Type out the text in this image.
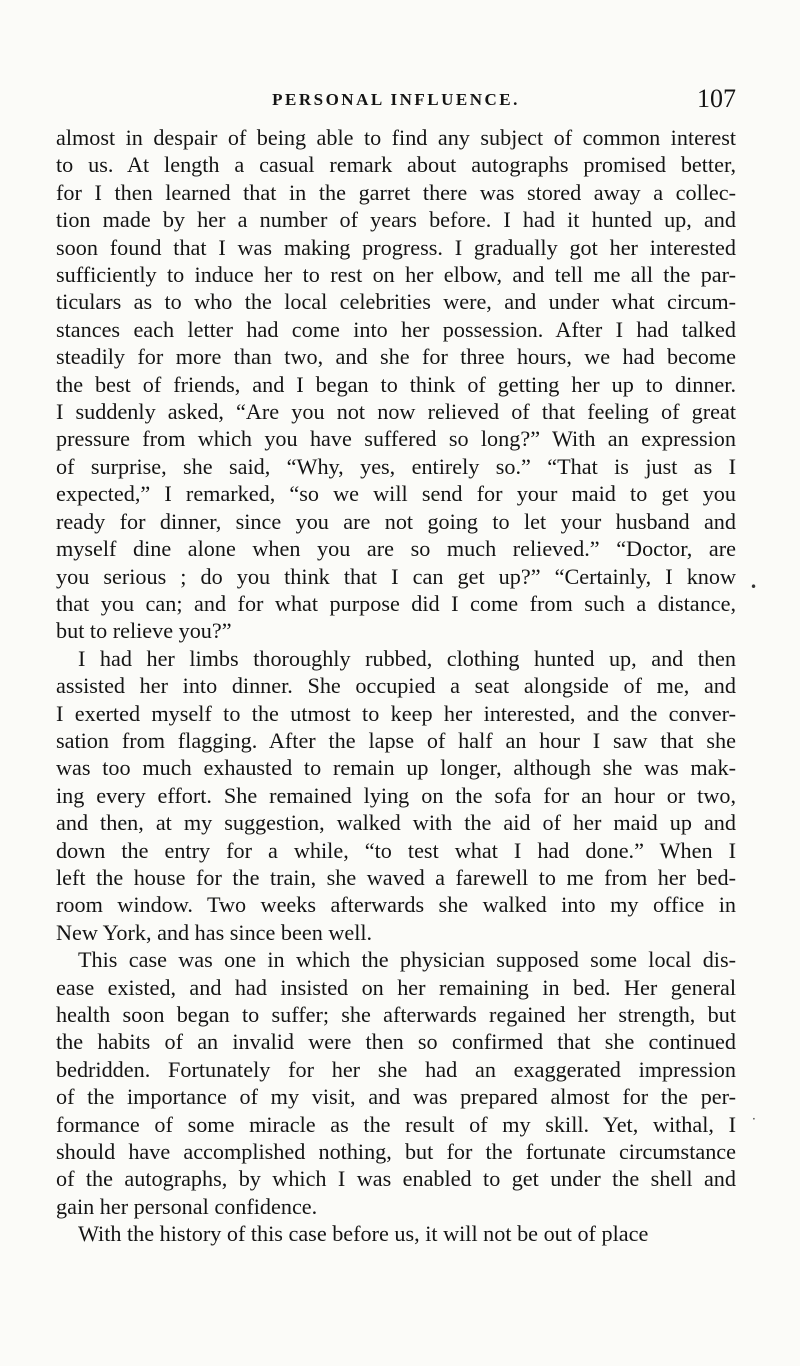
PERSONAL INFLUENCE.	107
almost in despair of being able to find any subject of common interest
to us. At length a casual remark about autographs promised better,
for I then learned that in the garret there was stored away a collec-
tion made by her a number of years before. I had it hunted up, and
soon found that I was making progress. I gradually got her interested
sufficiently to induce her to rest on her elbow, and tell me all the par-
ticulars as to who the local celebrities were, and under what circum-
stances each letter had come into her possession. After I had talked
steadily for more than two, and she for three hours, we had become
the best of friends, and I began to think of getting her up to dinner.
I suddenly asked, “Are you not now relieved of that feeling of great
pressure from which you have suffered so long?” With an expression
of surprise, she said, “Why, yes, entirely so.” “That is just as I
expected,” I remarked, “so we will send for your maid to get you
ready for dinner, since you are not going to let your husband and
myself dine alone when you are so much relieved.” “Doctor, are
you serious ; do you think that I can get up?” “Certainly, I know
that you can; and for what purpose did I come from such a distance,
but to relieve you?”
I had her limbs thoroughly rubbed, clothing hunted up, and then
assisted her into dinner. She occupied a seat alongside of me, and
I exerted myself to the utmost to keep her interested, and the conver-
sation from flagging. After the lapse of half an hour I saw that she
was too much exhausted to remain up longer, although she was mak-
ing every effort. She remained lying on the sofa for an hour or two,
and then, at my suggestion, walked with the aid of her maid up and
down the entry for a while, “to test what I had done.” When I
left the house for the train, she waved a farewell to me from her bed-
room window. Two weeks afterwards she walked into my office in
New York, and has since been well.
This case was one in which the physician supposed some local dis-
ease existed, and had insisted on her remaining in bed. Her general
health soon began to suffer; she afterwards regained her strength, but
the habits of an invalid were then so confirmed that she continued
bedridden. Fortunately for her she had an exaggerated impression
of the importance of my visit, and was prepared almost for the per-
formance of some miracle as the result of my skill. Yet, withal, I
should have accomplished nothing, but for the fortunate circumstance
of the autographs, by which I was enabled to get under the shell and
gain her personal confidence.
With the history of this case before us, it will not be out of place
•
·
